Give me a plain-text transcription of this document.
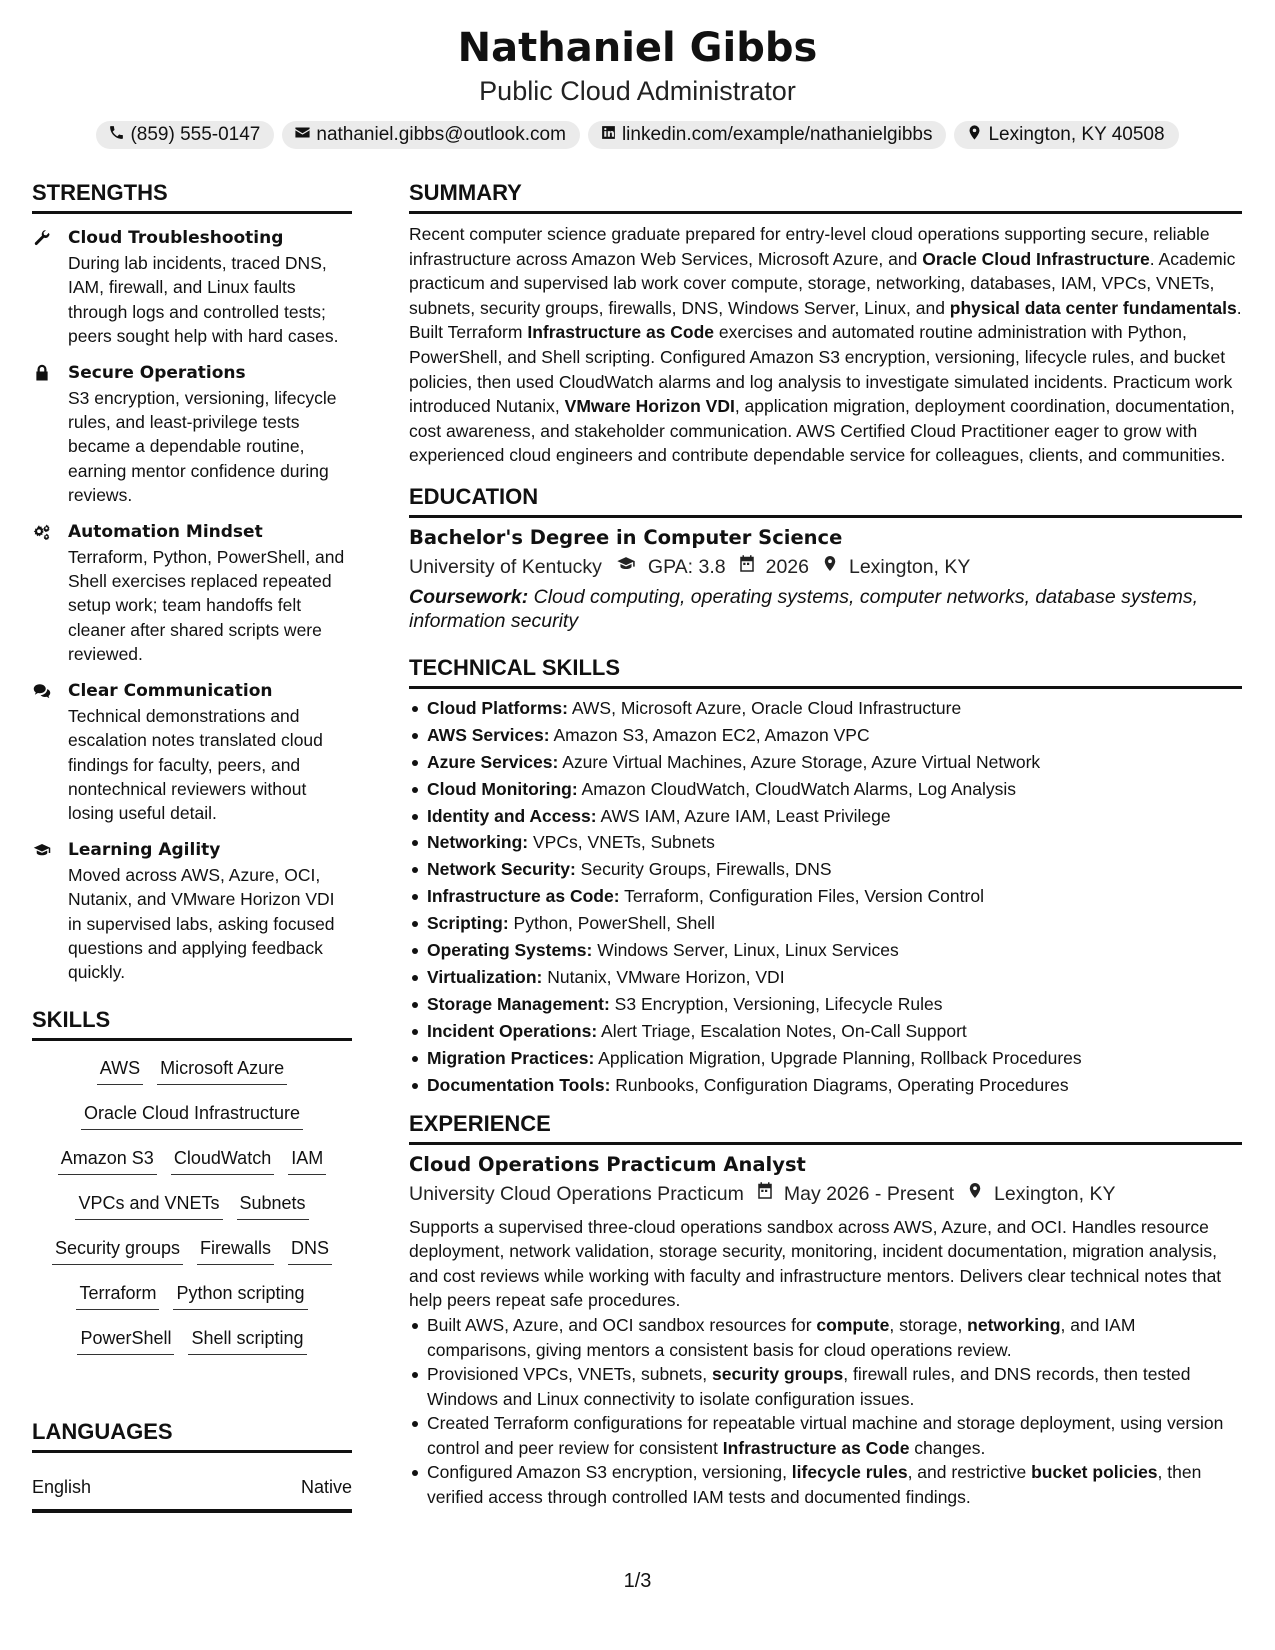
Nathaniel Gibbs
Public Cloud Administrator
(859) 555-0147	nathaniel.gibbs@outlook.com	linkedin.com/example/nathanielgibbs	Lexington, KY 40508
STRENGTHS
Cloud Troubleshooting
During lab incidents, traced DNS, IAM, firewall, and Linux faults through logs and controlled tests; peers sought help with hard cases.
Secure Operations
S3 encryption, versioning, lifecycle rules, and least-privilege tests became a dependable routine, earning mentor confidence during reviews.
Automation Mindset
Terraform, Python, PowerShell, and Shell exercises replaced repeated setup work; team handoffs felt cleaner after shared scripts were reviewed.
Clear Communication
Technical demonstrations and escalation notes translated cloud findings for faculty, peers, and nontechnical reviewers without losing useful detail.
Learning Agility
Moved across AWS, Azure, OCI, Nutanix, and VMware Horizon VDI in supervised labs, asking focused questions and applying feedback quickly.
SKILLS
AWS Microsoft Azure
Oracle Cloud Infrastructure
Amazon S3 CloudWatch IAM
VPCs and VNETs Subnets
Security groups Firewalls DNS
Terraform Python scripting
PowerShell Shell scripting
LANGUAGES
English	Native
SUMMARY

Recent computer science graduate prepared for entry-level cloud operations supporting secure, reliable infrastructure across Amazon Web Services, Microsoft Azure, and Oracle Cloud Infrastructure. Academic practicum and supervised lab work cover compute, storage, networking, databases, IAM, VPCs, VNETs, subnets, security groups, firewalls, DNS, Windows Server, Linux, and physical data center fundamentals. Built Terraform Infrastructure as Code exercises and automated routine administration with Python, PowerShell, and Shell scripting. Configured Amazon S3 encryption, versioning, lifecycle rules, and bucket policies, then used CloudWatch alarms and log analysis to investigate simulated incidents. Practicum work introduced Nutanix, VMware Horizon VDI, application migration, deployment coordination, documentation, cost awareness, and stakeholder communication. AWS Certified Cloud Practitioner eager to grow with experienced cloud engineers and contribute dependable service for colleagues, clients, and communities.

EDUCATION
Bachelor's Degree in Computer Science
University of Kentucky GPA: 3.8 2026 Lexington, KY
Coursework: Cloud computing, operating systems, computer networks, database systems, information security
TECHNICAL SKILLS
Cloud Platforms: AWS, Microsoft Azure, Oracle Cloud Infrastructure
AWS Services: Amazon S3, Amazon EC2, Amazon VPC
Azure Services: Azure Virtual Machines, Azure Storage, Azure Virtual Network
Cloud Monitoring: Amazon CloudWatch, CloudWatch Alarms, Log Analysis
Identity and Access: AWS IAM, Azure IAM, Least Privilege
Networking: VPCs, VNETs, Subnets
Network Security: Security Groups, Firewalls, DNS
Infrastructure as Code: Terraform, Configuration Files, Version Control
Scripting: Python, PowerShell, Shell
Operating Systems: Windows Server, Linux, Linux Services
Virtualization: Nutanix, VMware Horizon, VDI
Storage Management: S3 Encryption, Versioning, Lifecycle Rules
Incident Operations: Alert Triage, Escalation Notes, On-Call Support
Migration Practices: Application Migration, Upgrade Planning, Rollback Procedures
Documentation Tools: Runbooks, Configuration Diagrams, Operating Procedures
EXPERIENCE
Cloud Operations Practicum Analyst
University Cloud Operations Practicum May 2026 - Present Lexington, KY

Supports a supervised three-cloud operations sandbox across AWS, Azure, and OCI. Handles resource deployment, network validation, storage security, monitoring, incident documentation, migration analysis, and cost reviews while working with faculty and infrastructure mentors. Delivers clear technical notes that help peers repeat safe procedures.

Built AWS, Azure, and OCI sandbox resources for compute, storage, networking, and IAM comparisons, giving mentors a consistent basis for cloud operations review.
Provisioned VPCs, VNETs, subnets, security groups, firewall rules, and DNS records, then tested Windows and Linux connectivity to isolate configuration issues.
Created Terraform configurations for repeatable virtual machine and storage deployment, using version control and peer review for consistent Infrastructure as Code changes.
Configured Amazon S3 encryption, versioning, lifecycle rules, and restrictive bucket policies, then verified access through controlled IAM tests and documented findings.
1/3
